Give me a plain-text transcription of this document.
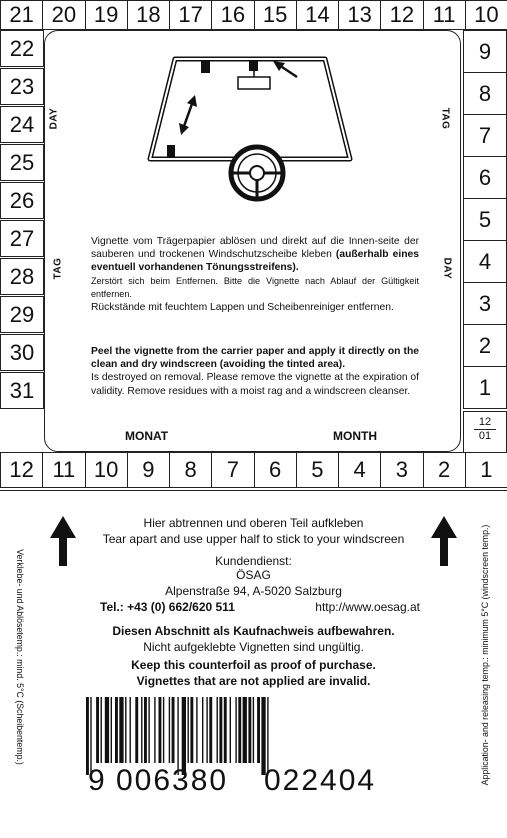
21 20 19 18 17 16 15 14 13 12 11 10
22
23
24
25
26
27
28
29
30
31
9
8
7
6
5
4
3
2
1
12
01
DAY	TAG
TAG	DAY
Vignette vom Trägerpapier ablösen und direkt auf die Innen-seite der sauberen und trockenen Windschutzscheibe kleben (außerhalb eines eventuell vorhandenen Tönungsstreifens).
Zerstört sich beim Entfernen. Bitte die Vignette nach Ablauf der Gültigkeit entfernen.
Rückstände mit feuchtem Lappen und Scheibenreiniger entfernen.
Peel the vignette from the carrier paper and apply it directly on the clean and dry windscreen (avoiding the tinted area).
Is destroyed on removal. Please remove the vignette at the expiration of validity. Remove residues with a moist rag and a windscreen cleanser.
MONAT	MONTH
12 11 10	9	8	7	6	5	4	3	2	1
Verklebe- und Ablösetemp.: mind. 5°C (Scheibentemp.)	Application- and releasing temp.: minimum 5°C (windscreen temp.)
Hier abtrennen und oberen Teil aufkleben
Tear apart and use upper half to stick to your windscreen
Kundendienst:
ÖSAG
Alpenstraße 94, A-5020 Salzburg
Tel.: +43 (0) 662/620 511	http://www.oesag.at
Diesen Abschnitt als Kaufnachweis aufbewahren.
Nicht aufgeklebte Vignetten sind ungültig.
Keep this counterfoil as proof of purchase.
Vignettes that are not applied are invalid.
9 006380 022404
